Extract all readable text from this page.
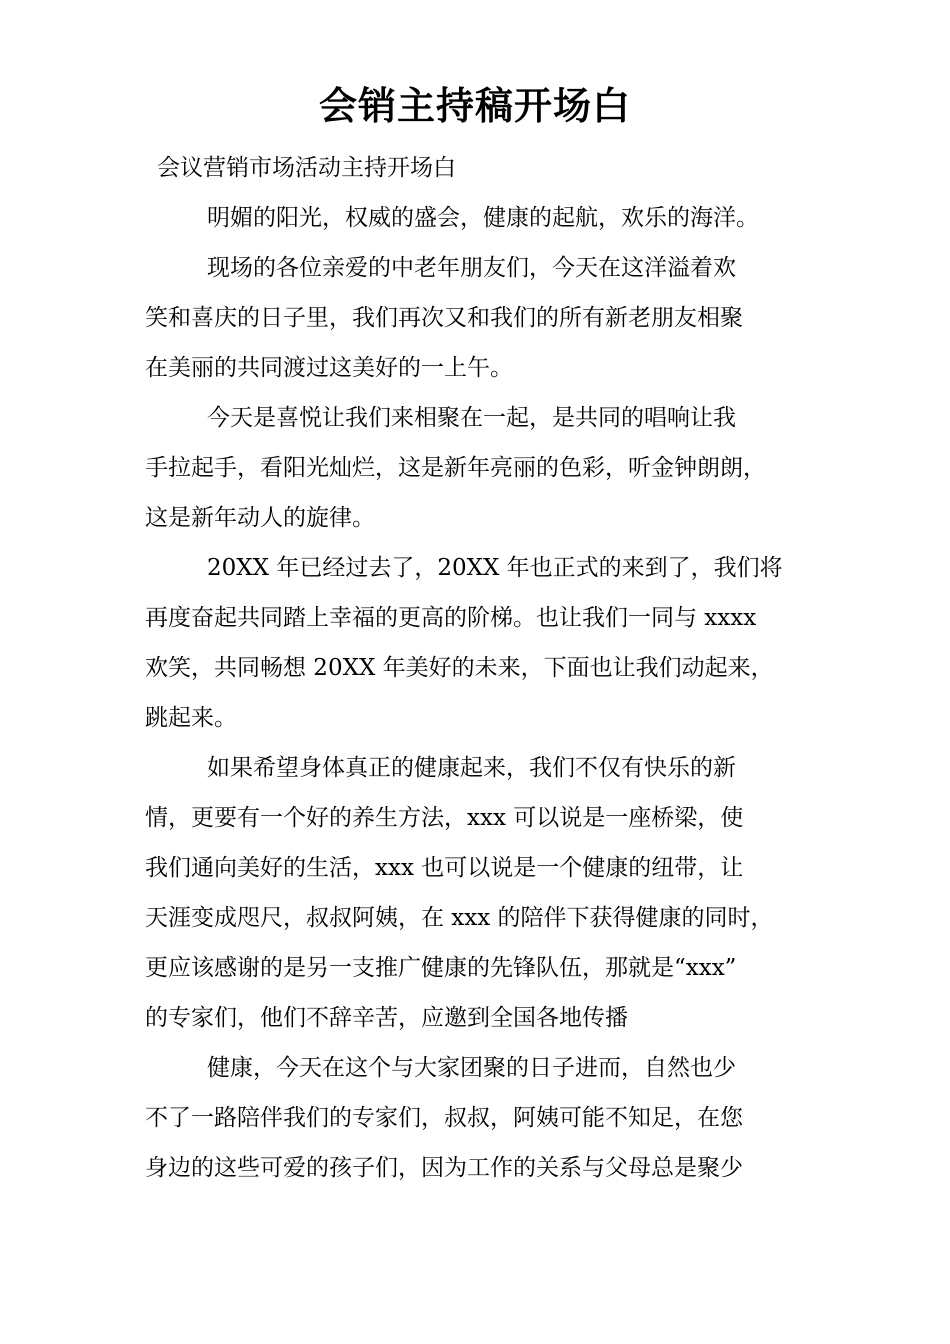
会销主持稿开场白
会议营销市场活动主持开场白
明媚的阳光，权威的盛会，健康的起航，欢乐的海洋。
现场的各位亲爱的中老年朋友们，今天在这洋溢着欢
笑和喜庆的日子里，我们再次又和我们的所有新老朋友相聚
在美丽的共同渡过这美好的一上午。
今天是喜悦让我们来相聚在一起，是共同的唱响让我
手拉起手，看阳光灿烂，这是新年亮丽的色彩，听金钟朗朗，
这是新年动人的旋律。
20XX 年已经过去了，20XX 年也正式的来到了，我们将
再度奋起共同踏上幸福的更高的阶梯。也让我们一同与 xxxx
欢笑，共同畅想 20XX 年美好的未来，下面也让我们动起来，
跳起来。
如果希望身体真正的健康起来，我们不仅有快乐的新
情，更要有一个好的养生方法，xxx 可以说是一座桥梁，使
我们通向美好的生活，xxx 也可以说是一个健康的纽带，让
天涯变成咫尺，叔叔阿姨，在 xxx 的陪伴下获得健康的同时，
更应该感谢的是另一支推广健康的先锋队伍，那就是“xxx”
的专家们，他们不辞辛苦，应邀到全国各地传播
健康，今天在这个与大家团聚的日子进而，自然也少
不了一路陪伴我们的专家们，叔叔，阿姨可能不知足，在您
身边的这些可爱的孩子们，因为工作的关系与父母总是聚少
